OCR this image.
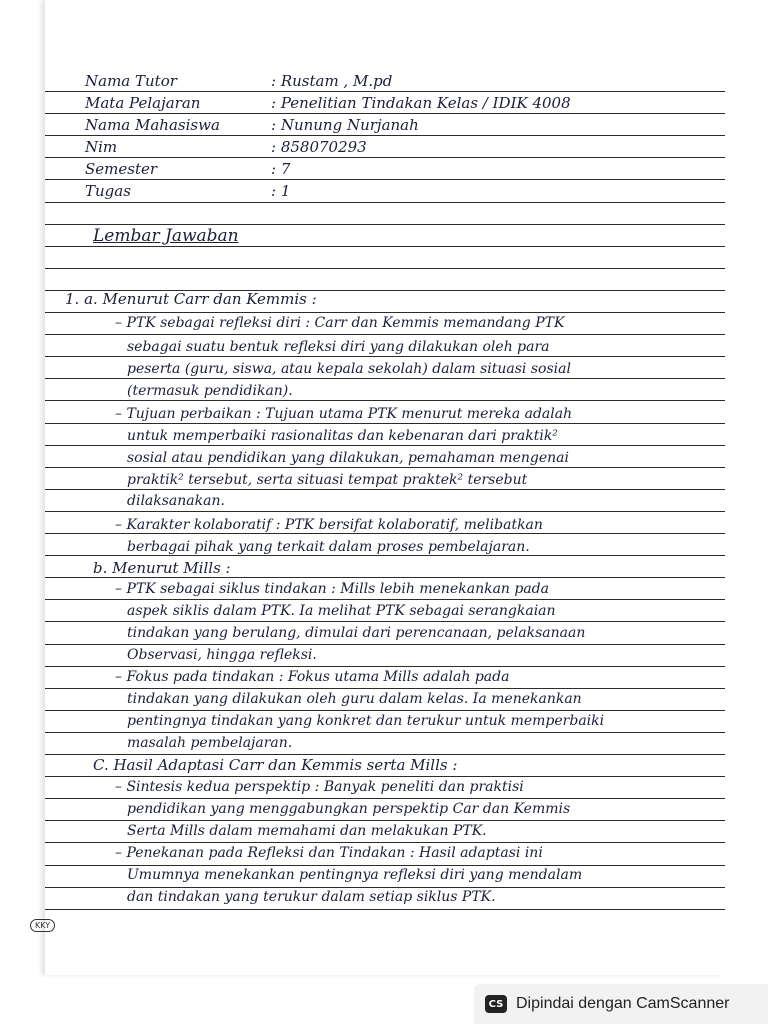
Nama Tutor	: Rustam , M.pd
Mata Pelajaran	: Penelitian Tindakan Kelas / IDIK 4008
Nama Mahasiswa	: Nunung Nurjanah
Nim	: 858070293
Semester	: 7
Tugas	: 1
Lembar Jawaban
1. a. Menurut Carr dan Kemmis :
– PTK sebagai refleksi diri : Carr dan Kemmis memandang PTK
sebagai suatu bentuk refleksi diri yang dilakukan oleh para
peserta (guru, siswa, atau kepala sekolah) dalam situasi sosial
(termasuk pendidikan).
– Tujuan perbaikan : Tujuan utama PTK menurut mereka adalah
untuk memperbaiki rasionalitas dan kebenaran dari praktik²
sosial atau pendidikan yang dilakukan, pemahaman mengenai
praktik² tersebut, serta situasi tempat praktek² tersebut
dilaksanakan.
– Karakter kolaboratif : PTK bersifat kolaboratif, melibatkan
berbagai pihak yang terkait dalam proses pembelajaran.
b. Menurut Mills :
– PTK sebagai siklus tindakan : Mills lebih menekankan pada
aspek siklis dalam PTK. Ia melihat PTK sebagai serangkaian
tindakan yang berulang, dimulai dari perencanaan, pelaksanaan
Observasi, hingga refleksi.
– Fokus pada tindakan : Fokus utama Mills adalah pada
tindakan yang dilakukan oleh guru dalam kelas. Ia menekankan
pentingnya tindakan yang konkret dan terukur untuk memperbaiki
masalah pembelajaran.
C. Hasil Adaptasi Carr dan Kemmis serta Mills :
– Sintesis kedua perspektip : Banyak peneliti dan praktisi
pendidikan yang menggabungkan perspektip Car dan Kemmis
Serta Mills dalam memahami dan melakukan PTK.
– Penekanan pada Refleksi dan Tindakan : Hasil adaptasi ini
Umumnya menekankan pentingnya refleksi diri yang mendalam
dan tindakan yang terukur dalam setiap siklus PTK.
KKY
CS Dipindai dengan CamScanner
